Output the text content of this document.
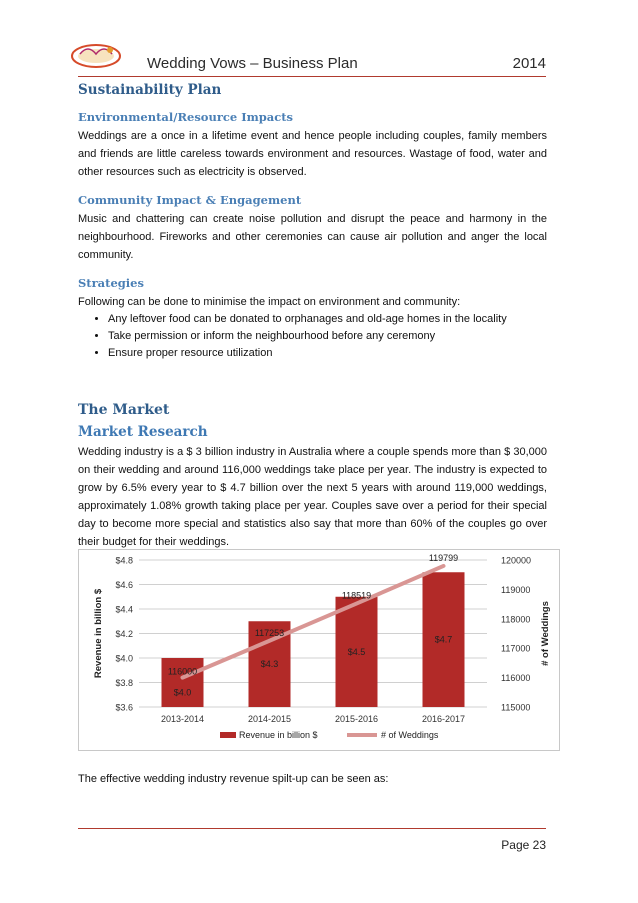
Wedding Vows – Business Plan	2014
Sustainability Plan
Environmental/Resource Impacts

Weddings are a once in a lifetime event and hence people including couples, family members and friends are little careless towards environment and resources. Wastage of food, water and other resources such as electricity is observed.

Community Impact & Engagement

Music and chattering can create noise pollution and disrupt the peace and harmony in the neighbourhood. Fireworks and other ceremonies can cause air pollution and anger the local community.

Strategies

Following can be done to minimise the impact on environment and community:

• Any leftover food can be donated to orphanages and old-age homes in the locality
• Take permission or inform the neighbourhood before any ceremony
• Ensure proper resource utilization
The Market
Market Research

Wedding industry is a $ 3 billion industry in Australia where a couple spends more than $ 30,000 on their wedding and around 116,000 weddings take place per year. The industry is expected to grow by 6.5% every year to $ 4.7 billion over the next 5 years with around 119,000 weddings, approximately 1.08% growth taking place per year. Couples save over a period for their special day to become more special and statistics also say that more than 60% of the couples go over their budget for their weddings.

$3.6
$3.8
$4.0
$4.2
$4.4
$4.6
$4.8
115000
116000
117000
118000
119000
120000
$4.0
$4.3
$4.5
$4.7
116000
117253
118519
119799
2013-2014	2014-2015	2015-2016	2016-2017
Revenue in billion $	# of Weddings
Revenue in billion $	# of Weddings
The effective wedding industry revenue spilt-up can be seen as:
Page 23
